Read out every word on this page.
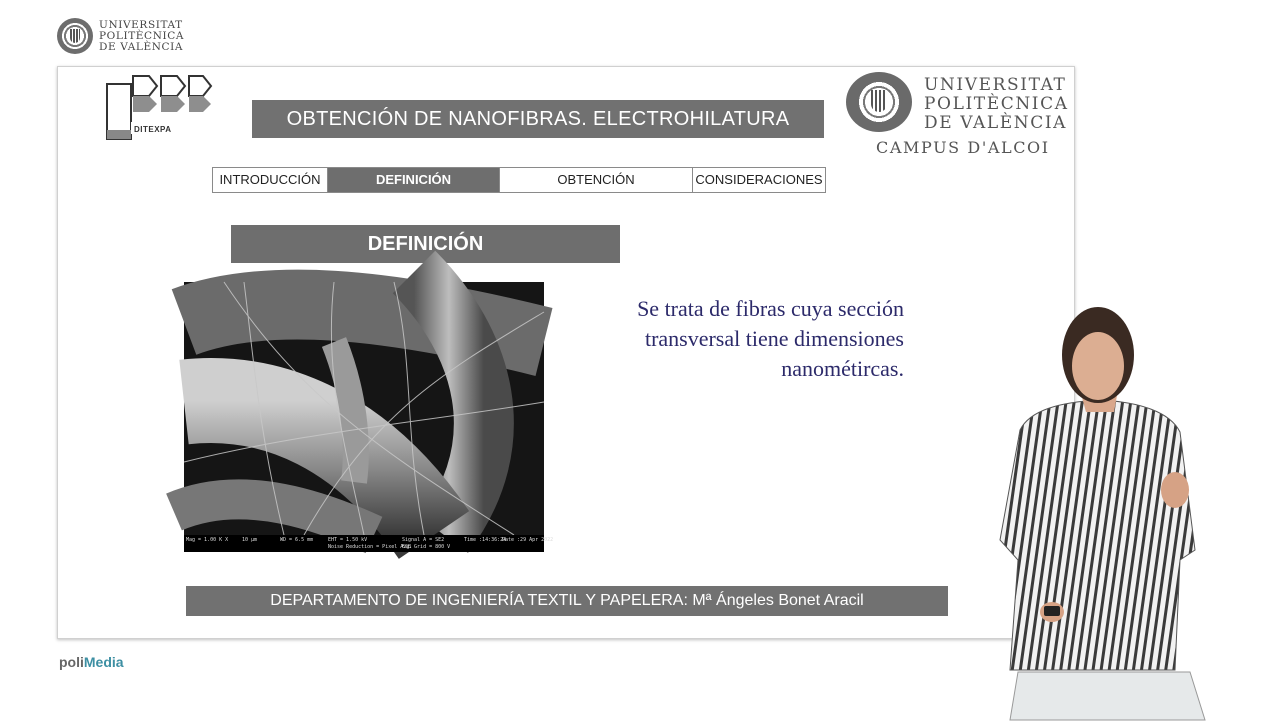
UNIVERSITAT
POLITÈCNICA
DE VALÈNCIA
DITEXPA	OBTENCIÓN DE NANOFIBRAS. ELECTROHILATURA
UNIVERSITAT
POLITÈCNICA
DE VALÈNCIA
CAMPUS D'ALCOI
INTRODUCCIÓN	DEFINICIÓN	OBTENCIÓN	CONSIDERACIONES
DEFINICIÓN
Mag = 1.00 K X	10 µm	WD = 6.5 mm	EHT = 1.50 kV	Signal A = SE2	Time :14:36:24
Date :29 Apr 2022
Noise Reduction = Pixel Avg.
ESB Grid = 800 V
Se trata de fibras cuya sección
transversal tiene dimensiones
nanométircas.
DEPARTAMENTO DE INGENIERÍA TEXTIL Y PAPELERA: Mª Ángeles Bonet Aracil
poliMedia
